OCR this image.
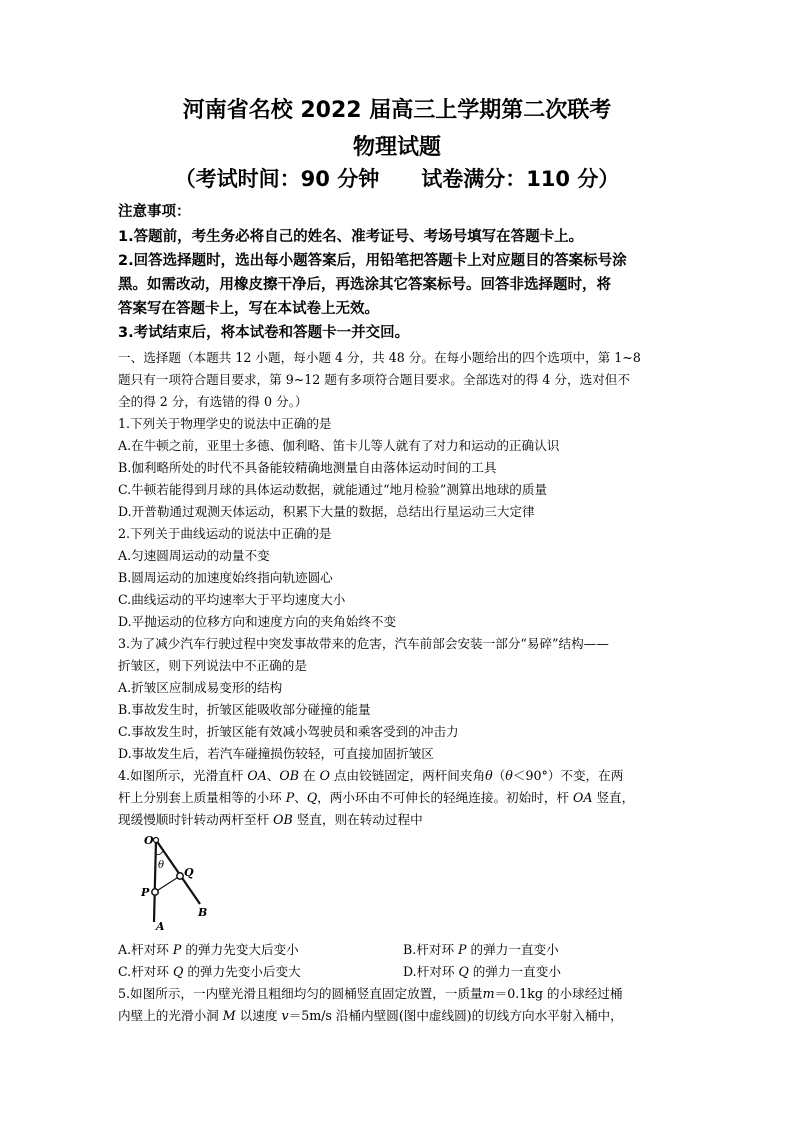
河南省名校 2022 届高三上学期第二次联考
物理试题
（考试时间：90 分钟　　试卷满分：110 分）
注意事项：
1.答题前，考生务必将自己的姓名、准考证号、考场号填写在答题卡上。
2.回答选择题时，选出每小题答案后，用铅笔把答题卡上对应题目的答案标号涂
黑。如需改动，用橡皮擦干净后，再选涂其它答案标号。回答非选择题时，将
答案写在答题卡上，写在本试卷上无效。
3.考试结束后，将本试卷和答题卡一并交回。
一、选择题（本题共 12 小题，每小题 4 分，共 48 分。在每小题给出的四个选项中，第 1~8
题只有一项符合题目要求，第 9~12 题有多项符合题目要求。全部选对的得 4 分，选对但不
全的得 2 分，有选错的得 0 分。）
1.下列关于物理学史的说法中正确的是
A.在牛顿之前，亚里士多德、伽利略、笛卡儿等人就有了对力和运动的正确认识
B.伽利略所处的时代不具备能较精确地测量自由落体运动时间的工具
C.牛顿若能得到月球的具体运动数据，就能通过“地月检验”测算出地球的质量
D.开普勒通过观测天体运动，积累下大量的数据，总结出行星运动三大定律
2.下列关于曲线运动的说法中正确的是
A.匀速圆周运动的动量不变
B.圆周运动的加速度始终指向轨迹圆心
C.曲线运动的平均速率大于平均速度大小
D.平抛运动的位移方向和速度方向的夹角始终不变
3.为了减少汽车行驶过程中突发事故带来的危害，汽车前部会安装一部分“易碎”结构——
折皱区，则下列说法中不正确的是
A.折皱区应制成易变形的结构
B.事故发生时，折皱区能吸收部分碰撞的能量
C.事故发生时，折皱区能有效减小驾驶员和乘客受到的冲击力
D.事故发生后，若汽车碰撞损伤较轻，可直接加固折皱区
4.如图所示，光滑直杆 OA、OB 在 O 点由铰链固定，两杆间夹角θ（θ＜90°）不变，在两
杆上分别套上质量相等的小环 P、Q，两小环由不可伸长的轻绳连接。初始时，杆 OA 竖直，
现缓慢顺时针转动两杆至杆 OB 竖直，则在转动过程中
O
θ
P
Q
A
B
A.杆对环 P 的弹力先变大后变小	B.杆对环 P 的弹力一直变小
C.杆对环 Q 的弹力先变小后变大	D.杆对环 Q 的弹力一直变小
5.如图所示，一内壁光滑且粗细均匀的圆桶竖直固定放置，一质量m＝0.1kg 的小球经过桶
内壁上的光滑小洞 M 以速度 v＝5m/s 沿桶内壁圆(图中虚线圆)的切线方向水平射入桶中，
